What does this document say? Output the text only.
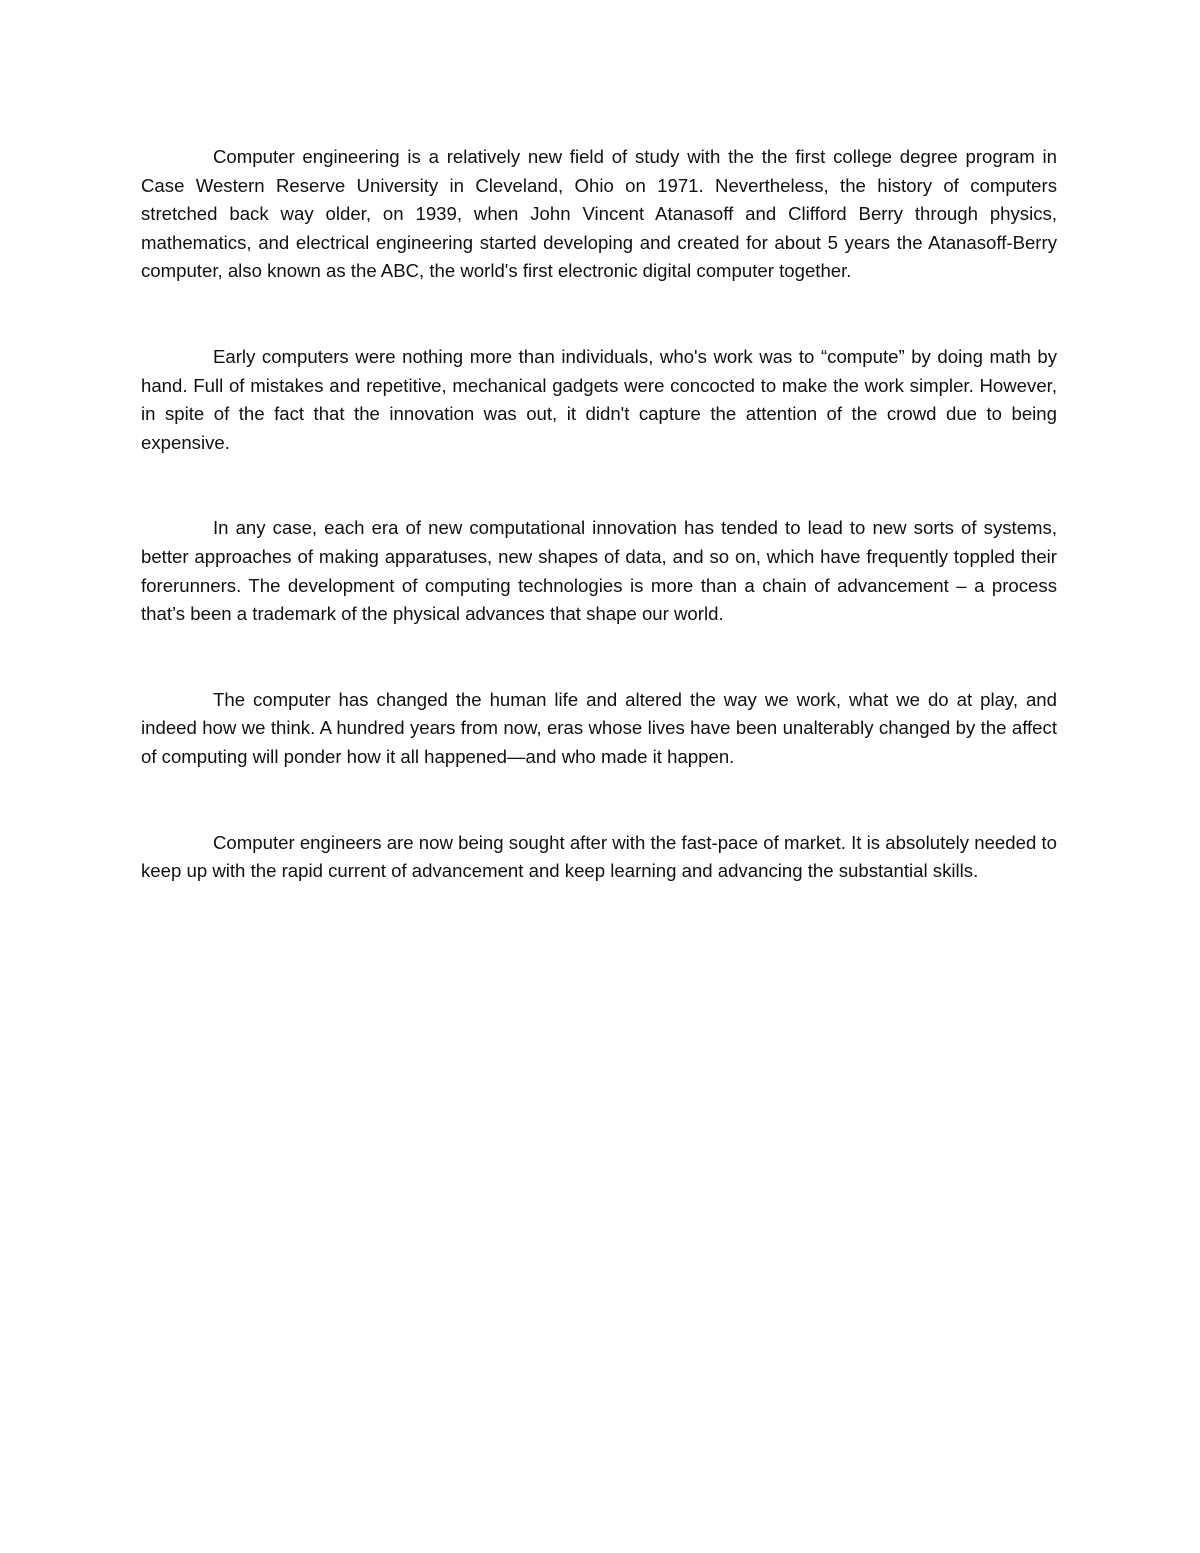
Computer engineering is a relatively new field of study with the the first college degree program in Case Western Reserve University in Cleveland, Ohio on 1971. Nevertheless, the history of computers stretched back way older, on 1939, when John Vincent Atanasoff and Clifford Berry through physics, mathematics, and electrical engineering started developing and created for about 5 years the Atanasoff-Berry computer, also known as the ABC, the world's first electronic digital computer together.

Early computers were nothing more than individuals, who's work was to “compute” by doing math by hand. Full of mistakes and repetitive, mechanical gadgets were concocted to make the work simpler. However, in spite of the fact that the innovation was out, it didn't capture the attention of the crowd due to being expensive.

In any case, each era of new computational innovation has tended to lead to new sorts of systems, better approaches of making apparatuses, new shapes of data, and so on, which have frequently toppled their forerunners. The development of computing technologies is more than a chain of advancement – a process that’s been a trademark of the physical advances that shape our world.

The computer has changed the human life and altered the way we work, what we do at play, and indeed how we think. A hundred years from now, eras whose lives have been unalterably changed by the affect of computing will ponder how it all happened—and who made it happen.

Computer engineers are now being sought after with the fast-pace of market. It is absolutely needed to keep up with the rapid current of advancement and keep learning and advancing the substantial skills.
